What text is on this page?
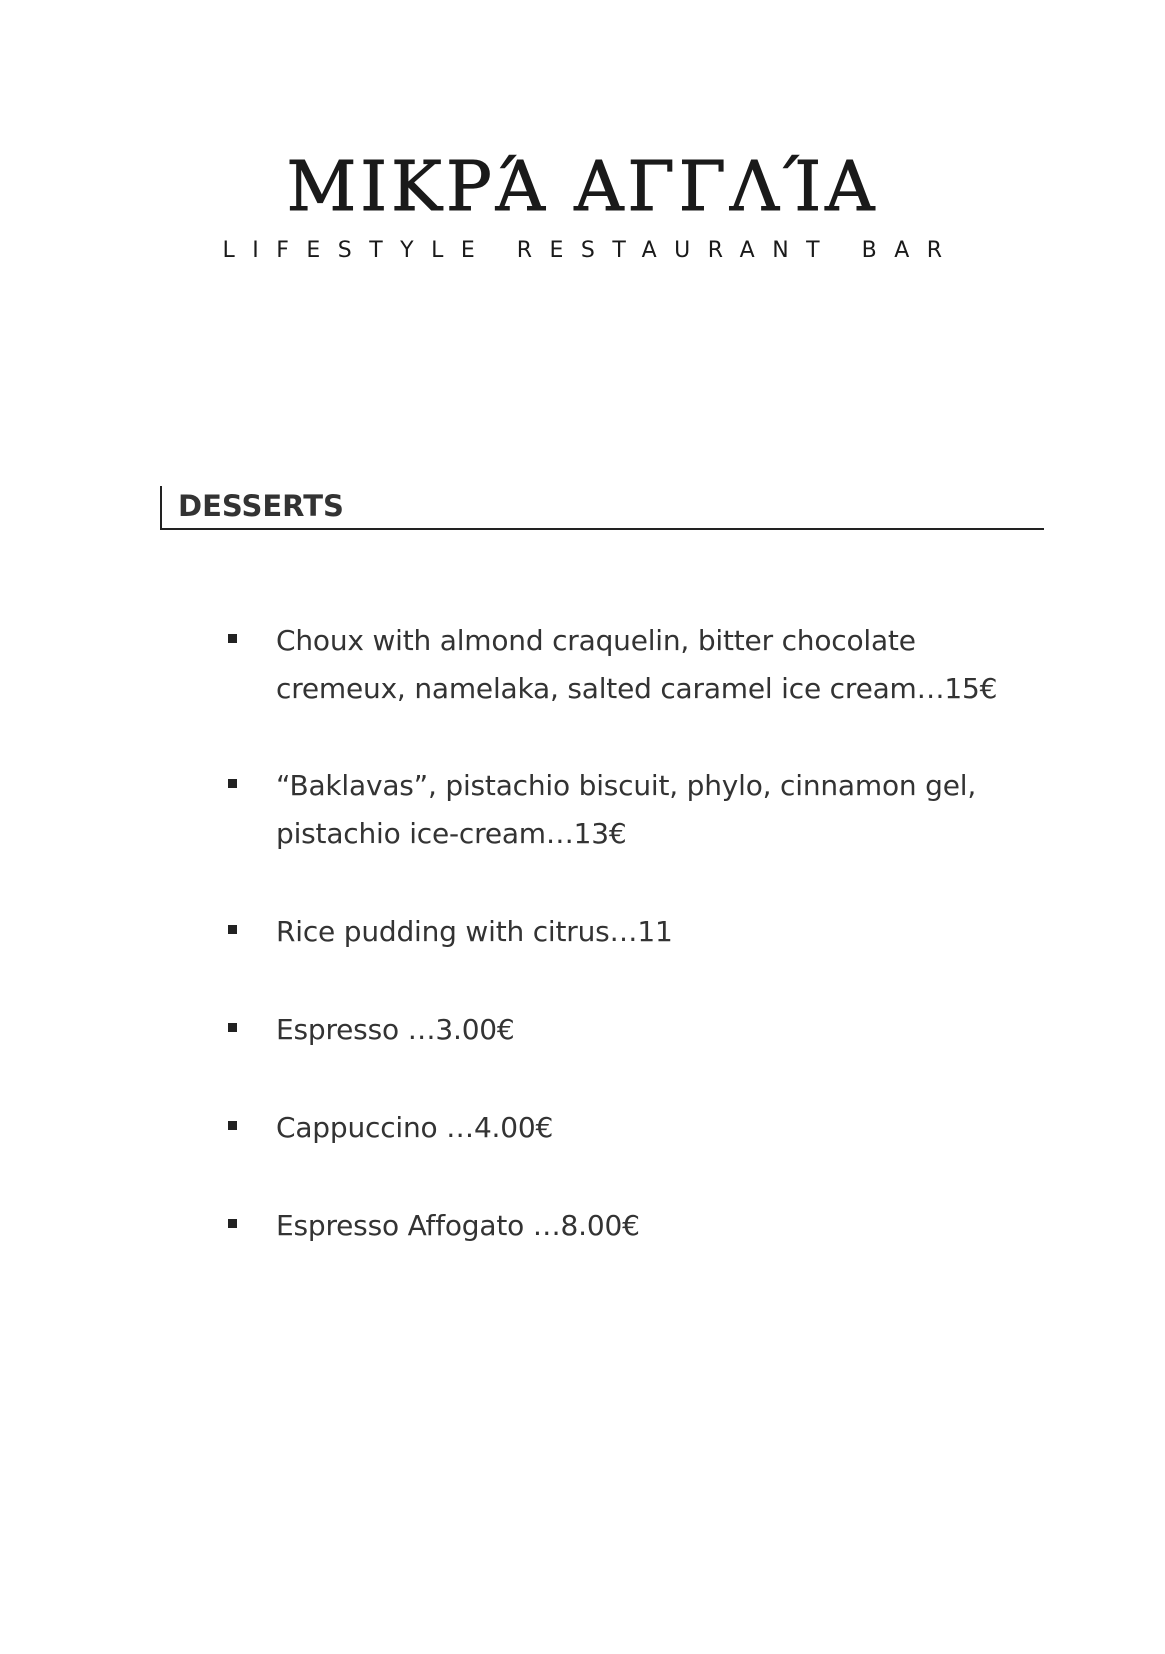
ΜΙΚΡΆ ΑΓΓΛΊΑ
LIFESTYLE RESTAURANT BAR
DESSERTS
Choux with almond craquelin, bitter chocolate cremeux, namelaka, salted caramel ice cream…15€
“Baklavas”, pistachio biscuit, phylo, cinnamon gel, pistachio ice-cream…13€
Rice pudding with citrus…11
Espresso …3.00€
Cappuccino …4.00€
Espresso Affogato …8.00€
